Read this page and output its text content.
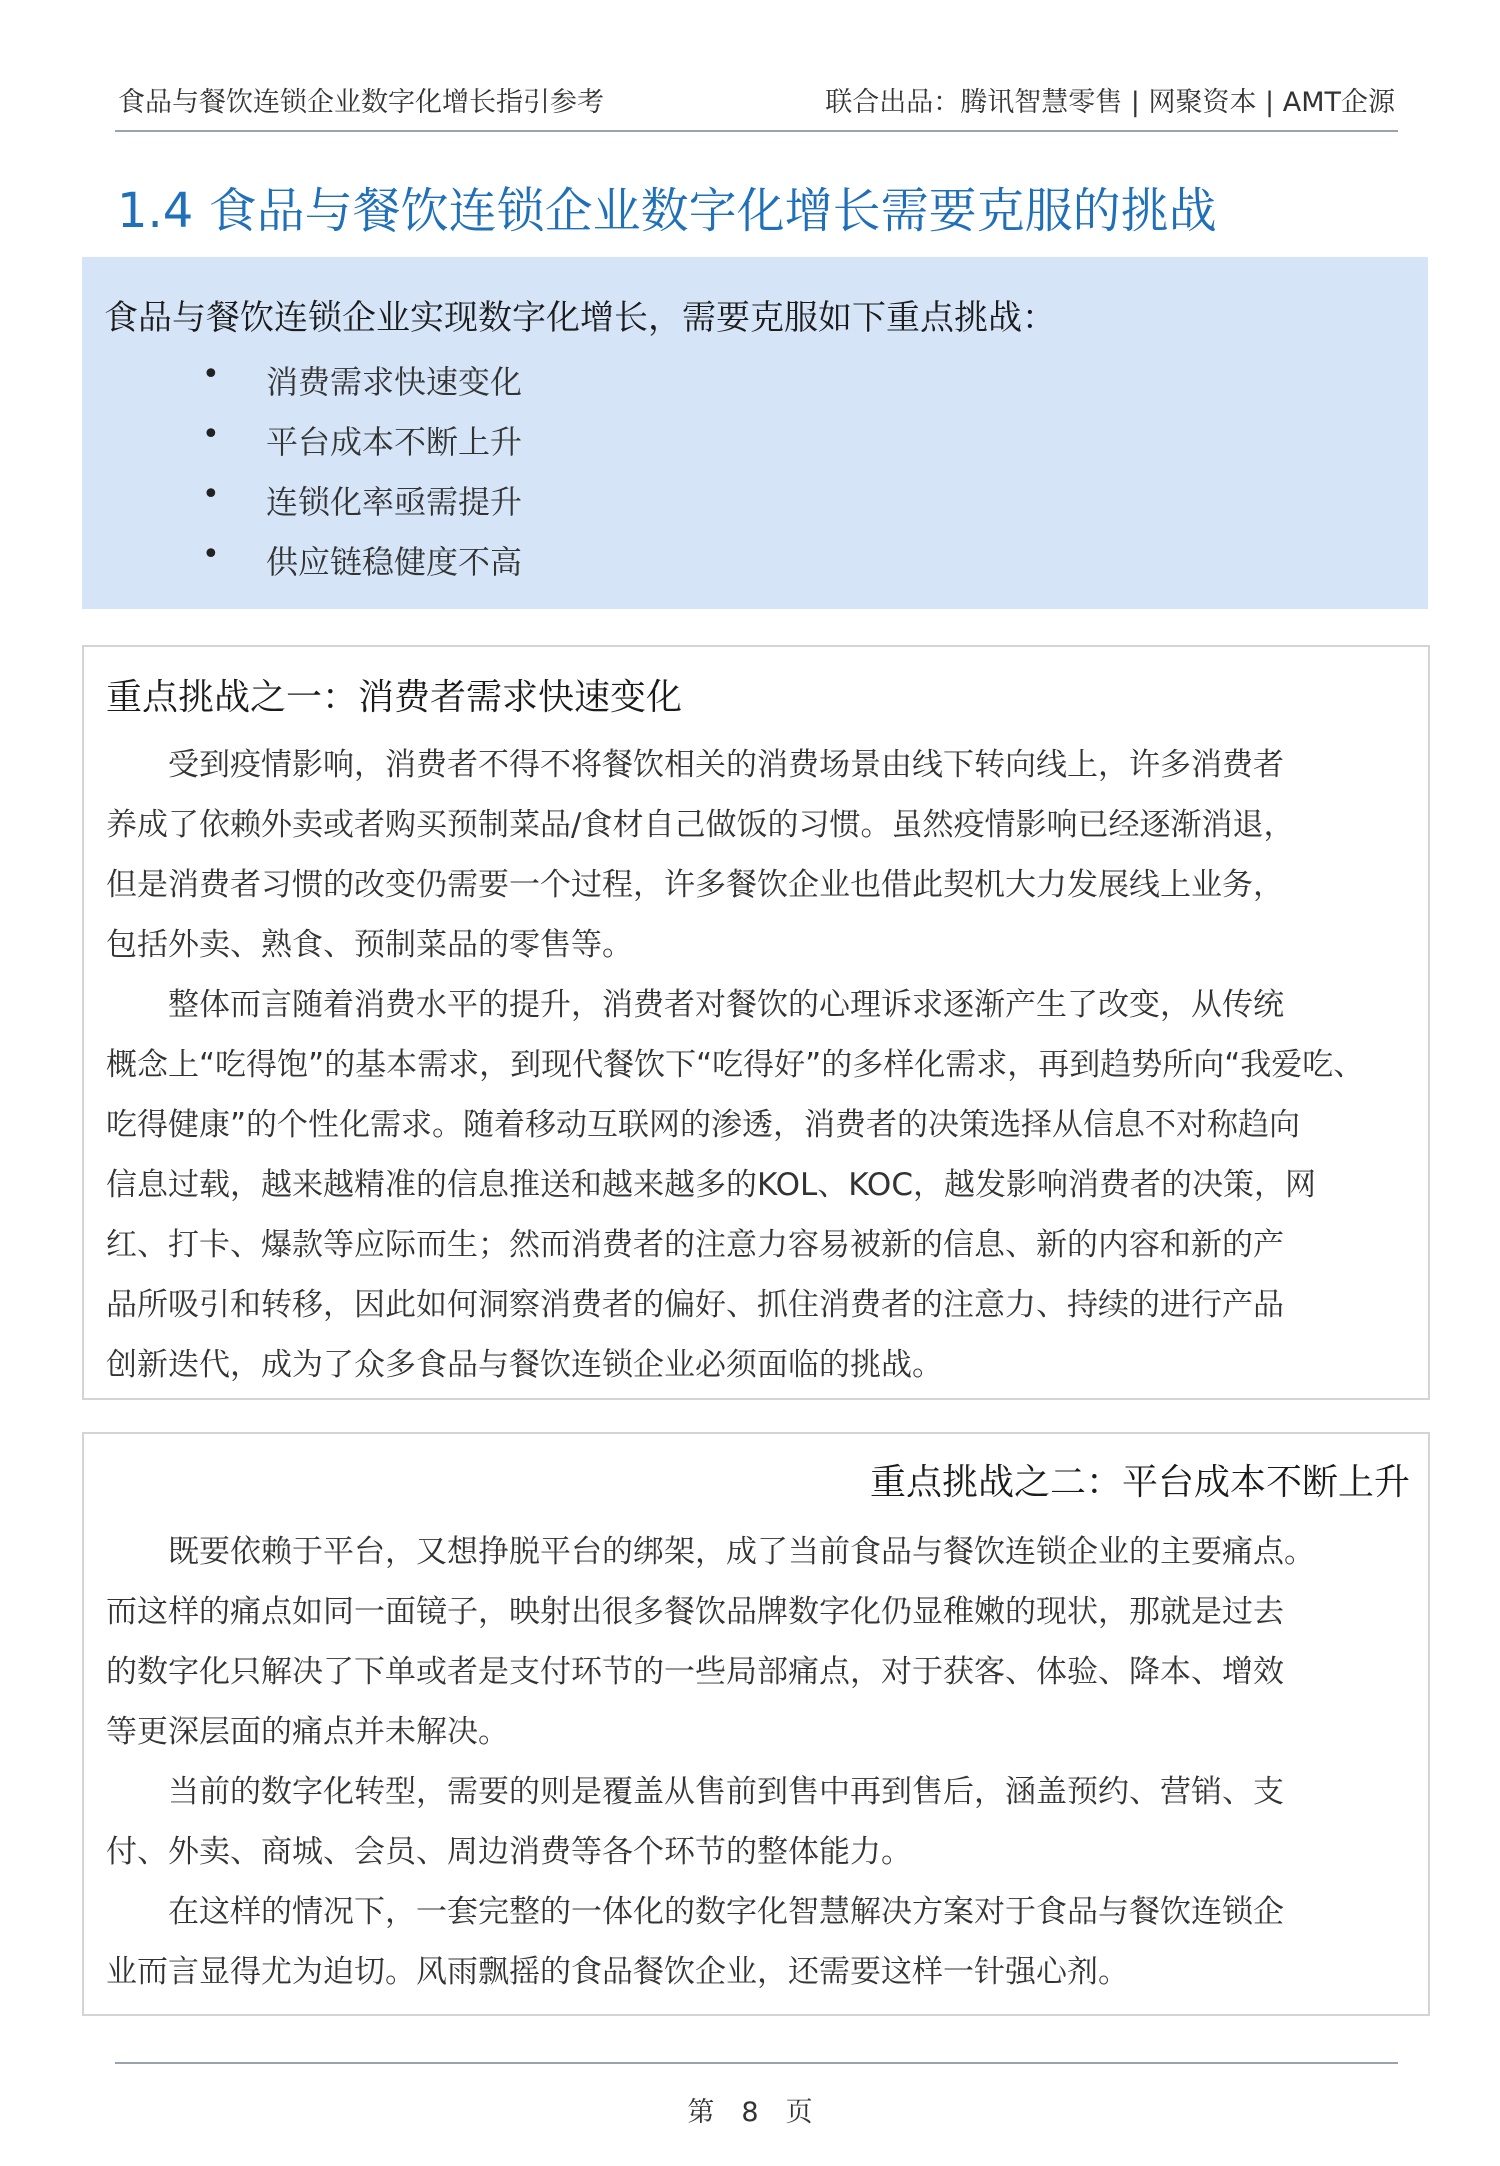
食品与餐饮连锁企业数字化增长指引参考	联合出品：腾讯智慧零售 | 网聚资本 | AMT企源
1.4 食品与餐饮连锁企业数字化增长需要克服的挑战
食品与餐饮连锁企业实现数字化增长，需要克服如下重点挑战：
• 消费需求快速变化
• 平台成本不断上升
• 连锁化率亟需提升
• 供应链稳健度不高
重点挑战之一：消费者需求快速变化
　　受到疫情影响，消费者不得不将餐饮相关的消费场景由线下转向线上，许多消费者
养成了依赖外卖或者购买预制菜品/食材自己做饭的习惯。虽然疫情影响已经逐渐消退，
但是消费者习惯的改变仍需要一个过程，许多餐饮企业也借此契机大力发展线上业务，
包括外卖、熟食、预制菜品的零售等。
　　整体而言随着消费水平的提升，消费者对餐饮的心理诉求逐渐产生了改变，从传统
概念上“吃得饱”的基本需求，到现代餐饮下“吃得好”的多样化需求，再到趋势所向“我爱吃、
吃得健康”的个性化需求。随着移动互联网的渗透，消费者的决策选择从信息不对称趋向
信息过载，越来越精准的信息推送和越来越多的KOL、KOC，越发影响消费者的决策，网
红、打卡、爆款等应际而生；然而消费者的注意力容易被新的信息、新的内容和新的产
品所吸引和转移，因此如何洞察消费者的偏好、抓住消费者的注意力、持续的进行产品
创新迭代，成为了众多食品与餐饮连锁企业必须面临的挑战。
重点挑战之二：平台成本不断上升
　　既要依赖于平台，又想挣脱平台的绑架，成了当前食品与餐饮连锁企业的主要痛点。
而这样的痛点如同一面镜子，映射出很多餐饮品牌数字化仍显稚嫩的现状，那就是过去
的数字化只解决了下单或者是支付环节的一些局部痛点，对于获客、体验、降本、增效
等更深层面的痛点并未解决。
　　当前的数字化转型，需要的则是覆盖从售前到售中再到售后，涵盖预约、营销、支
付、外卖、商城、会员、周边消费等各个环节的整体能力。
　　在这样的情况下，一套完整的一体化的数字化智慧解决方案对于食品与餐饮连锁企
业而言显得尤为迫切。风雨飘摇的食品餐饮企业，还需要这样一针强心剂。
第　8　页
